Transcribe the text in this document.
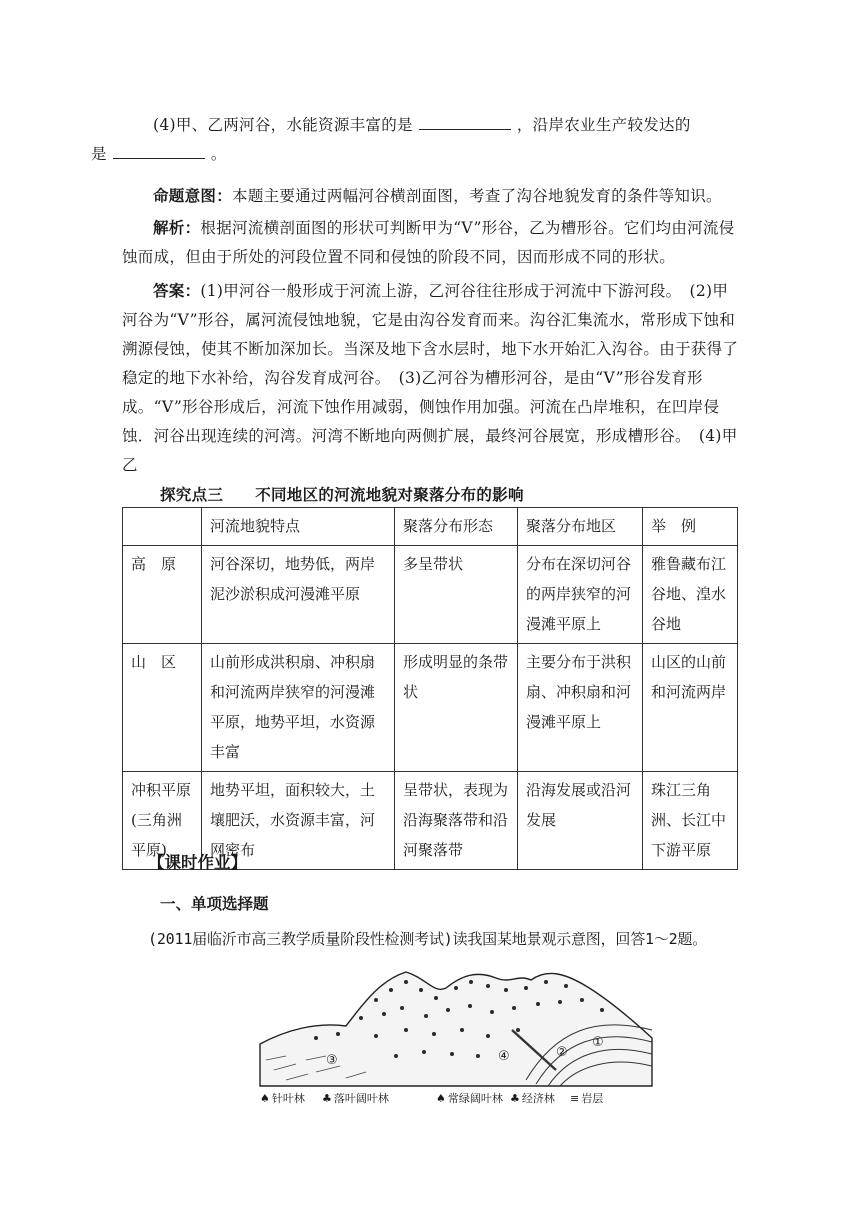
(4)甲、乙两河谷，水能资源丰富的是	，沿岸农业生产较发达的
是	。
命题意图：本题主要通过两幅河谷横剖面图，考查了沟谷地貌发育的条件等知识。
解析：根据河流横剖面图的形状可判断甲为“V”形谷，乙为槽形谷。它们均由河流侵蚀而成，但由于所处的河段位置不同和侵蚀的阶段不同，因而形成不同的形状。
答案：(1)甲河谷一般形成于河流上游，乙河谷往往形成于河流中下游河段。　(2)甲河谷为“V”形谷，属河流侵蚀地貌，它是由沟谷发育而来。沟谷汇集流水，常形成下蚀和溯源侵蚀，使其不断加深加长。当深及地下含水层时，地下水开始汇入沟谷。由于获得了稳定的地下水补给，沟谷发育成河谷。　(3)乙河谷为槽形河谷，是由“V”形谷发育形成。“V”形谷形成后，河流下蚀作用减弱，侧蚀作用加强。河流在凸岸堆积，在凹岸侵蚀．河谷出现连续的河湾。河湾不断地向两侧扩展，最终河谷展宽，形成槽形谷。　(4)甲乙
探究点三 不同地区的河流地貌对聚落分布的影响
	河流地貌特点	聚落分布形态	聚落分布地区	举　例
高　原	河谷深切，地势低，两岸泥沙淤积成河漫滩平原	多呈带状	分布在深切河谷的两岸狭窄的河漫滩平原上	雅鲁藏布江谷地、湟水谷地
山　区	山前形成洪积扇、冲积扇和河流两岸狭窄的河漫滩平原，地势平坦，水资源丰富	形成明显的条带状	主要分布于洪积扇、冲积扇和河漫滩平原上	山区的山前和河流两岸
冲积平原(三角洲平原)	地势平坦，面积较大，土壤肥沃，水资源丰富，河网密布	呈带状，表现为沿海聚落带和沿河聚落带	沿海发展或沿河发展	珠江三角洲、长江中下游平原
【课时作业】
一、单项选择题
(2011届临沂市高三教学质量阶段性检测考试)读我国某地景观示意图，回答1～2题。
③	④	②
①
♠ 针叶林 ♣ 落叶阔叶林	♠ 常绿阔叶林 ♣ 经济林 ≡ 岩层
